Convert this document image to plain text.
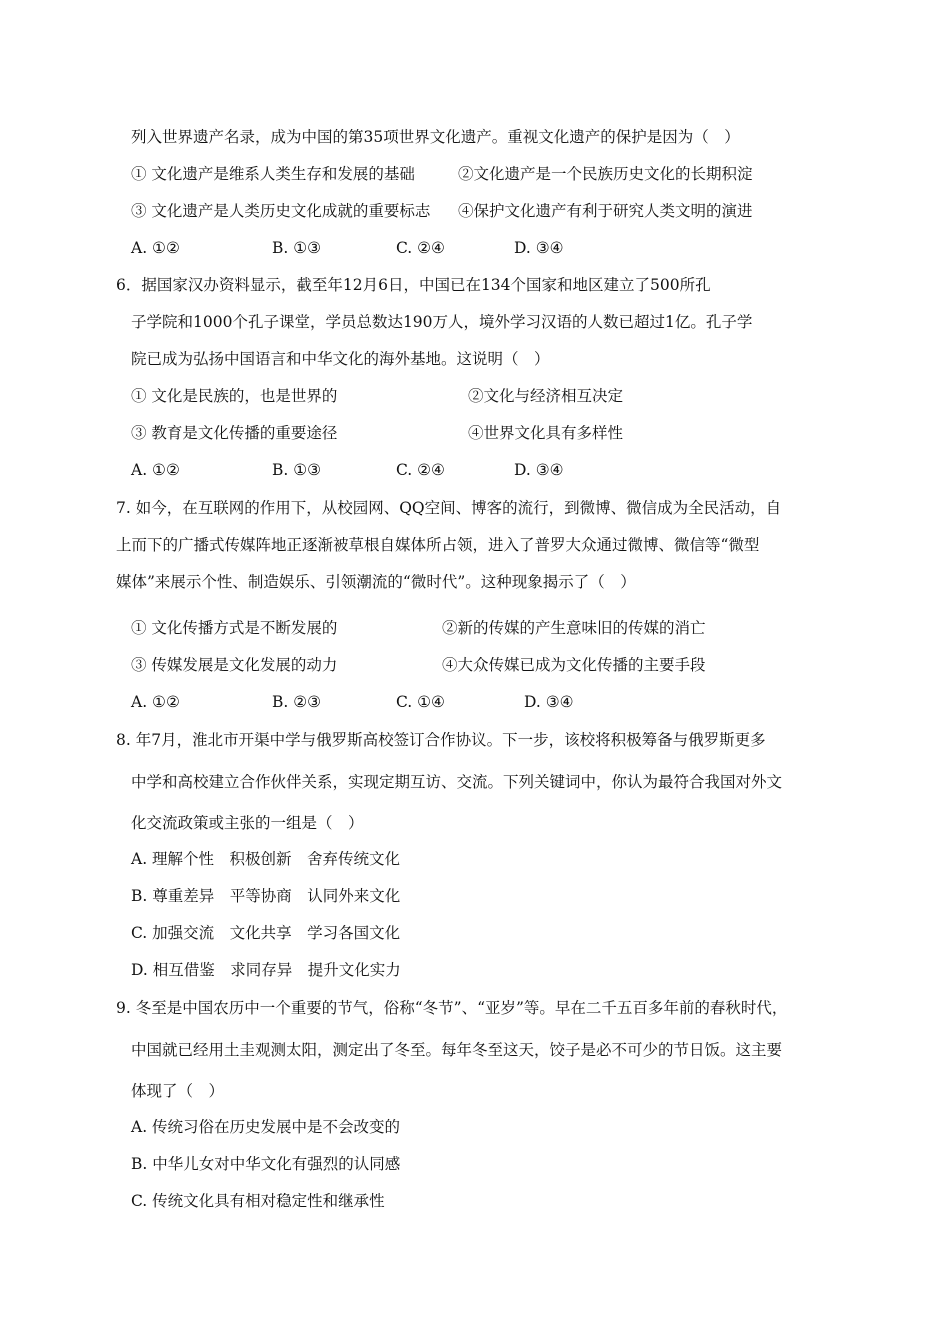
列入世界遗产名录，成为中国的第35项世界文化遗产。重视文化遗产的保护是因为（　）
① 文化遗产是维系人类生存和发展的基础	②文化遗产是一个民族历史文化的长期积淀
③ 文化遗产是人类历史文化成就的重要标志 ④保护文化遗产有利于研究人类文明的演进
A. ①②	B. ①③	C. ②④	D. ③④
6．据国家汉办资料显示，截至年12月6日，中国已在134个国家和地区建立了500所孔
子学院和1000个孔子课堂，学员总数达190万人，境外学习汉语的人数已超过1亿。孔子学
院已成为弘扬中国语言和中华文化的海外基地。这说明（　）
① 文化是民族的，也是世界的	②文化与经济相互决定
③ 教育是文化传播的重要途径	④世界文化具有多样性
A. ①②	B. ①③	C. ②④	D. ③④
7. 如今，在互联网的作用下，从校园网、QQ空间、博客的流行，到微博、微信成为全民活动，自
上而下的广播式传媒阵地正逐渐被草根自媒体所占领，进入了普罗大众通过微博、微信等“微型
媒体”来展示个性、制造娱乐、引领潮流的“微时代”。这种现象揭示了（　）
① 文化传播方式是不断发展的	②新的传媒的产生意味旧的传媒的消亡
③ 传媒发展是文化发展的动力	④大众传媒已成为文化传播的主要手段
A. ①②	B. ②③	C. ①④	D. ③④
8. 年7月，淮北市开渠中学与俄罗斯高校签订合作协议。下一步，该校将积极筹备与俄罗斯更多
中学和高校建立合作伙伴关系，实现定期互访、交流。下列关键词中，你认为最符合我国对外文
化交流政策或主张的一组是（　）
A. 理解个性　积极创新　舍弃传统文化
B. 尊重差异　平等协商　认同外来文化
C. 加强交流　文化共享　学习各国文化
D. 相互借鉴　求同存异　提升文化实力
9. 冬至是中国农历中一个重要的节气，俗称“冬节”、“亚岁”等。早在二千五百多年前的春秋时代，
中国就已经用土圭观测太阳，测定出了冬至。每年冬至这天，饺子是必不可少的节日饭。这主要
体现了（　）
A. 传统习俗在历史发展中是不会改变的
B. 中华儿女对中华文化有强烈的认同感
C. 传统文化具有相对稳定性和继承性
